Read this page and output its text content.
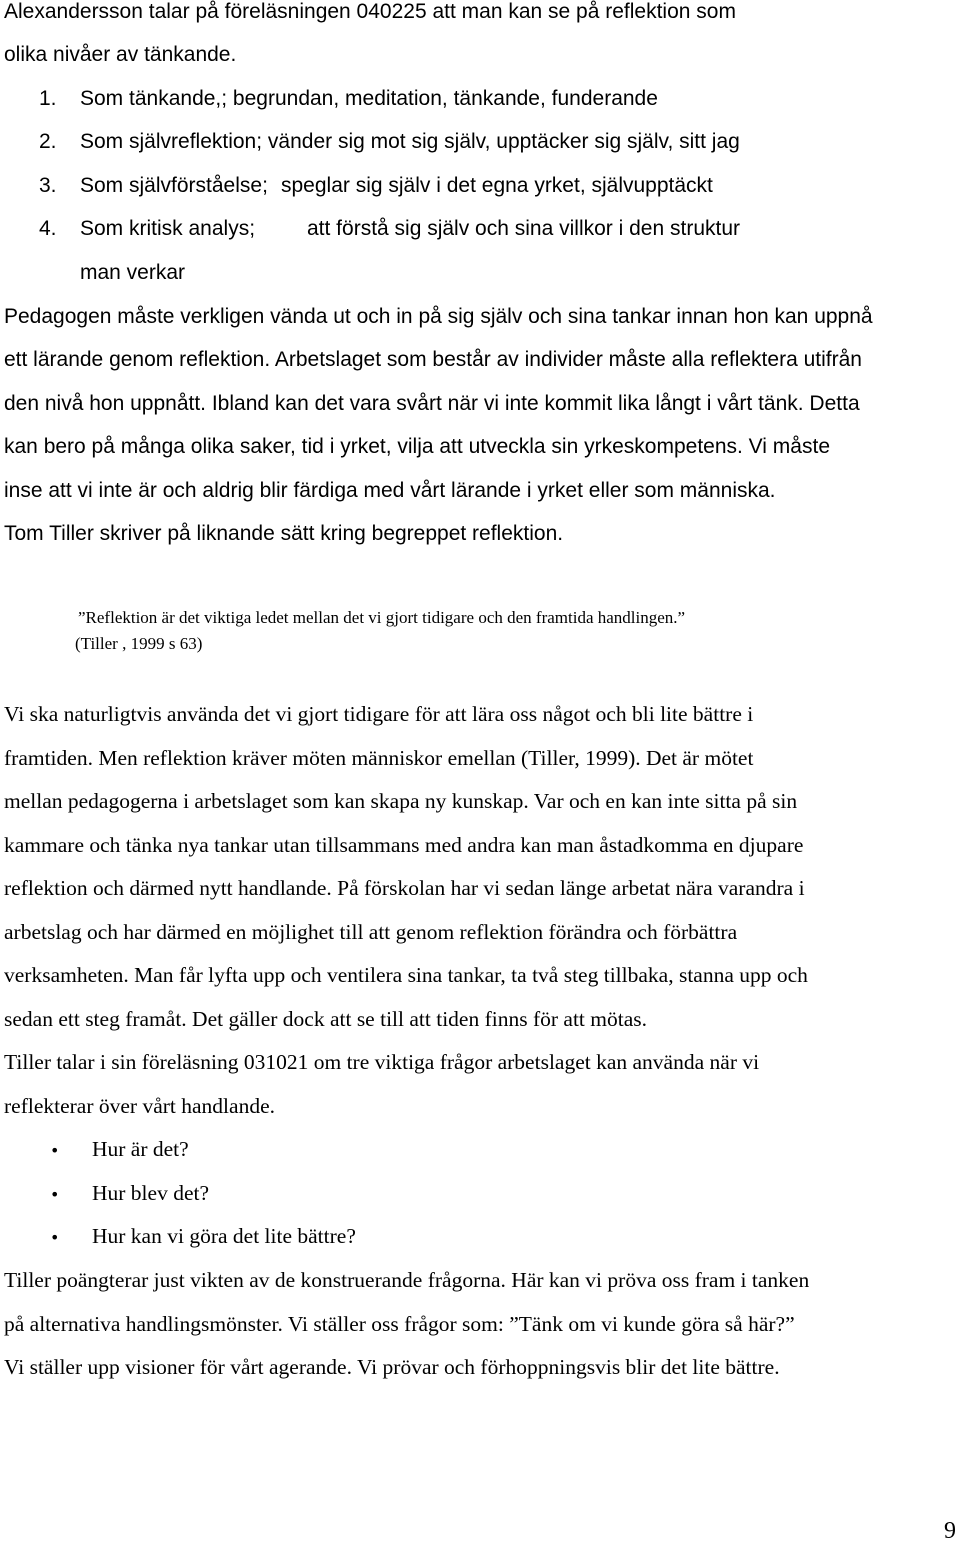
Alexandersson talar på föreläsningen 040225 att man kan se på reflektion som
olika nivåer av tänkande.
1. Som tänkande,; begrundan, meditation, tänkande, funderande
2. Som självreflektion; vänder sig mot sig själv, upptäcker sig själv, sitt jag
3. Som självförståelse; speglar sig själv i det egna yrket, självupptäckt
4. Som kritisk analys; att förstå sig själv och sina villkor i den struktur
man verkar
Pedagogen måste verkligen vända ut och in på sig själv och sina tankar innan hon kan uppnå
ett lärande genom reflektion. Arbetslaget som består av individer måste alla reflektera utifrån
den nivå hon uppnått. Ibland kan det vara svårt när vi inte kommit lika långt i vårt tänk. Detta
kan bero på många olika saker, tid i yrket, vilja att utveckla sin yrkeskompetens. Vi måste
inse att vi inte är och aldrig blir färdiga med vårt lärande i yrket eller som människa.
Tom Tiller skriver på liknande sätt kring begreppet reflektion.
”Reflektion är det viktiga ledet mellan det vi gjort tidigare och den framtida handlingen.”
(Tiller , 1999 s 63)
Vi ska naturligtvis använda det vi gjort tidigare för att lära oss något och bli lite bättre i
framtiden. Men reflektion kräver möten människor emellan (Tiller, 1999). Det är mötet
mellan pedagogerna i arbetslaget som kan skapa ny kunskap. Var och en kan inte sitta på sin
kammare och tänka nya tankar utan tillsammans med andra kan man åstadkomma en djupare
reflektion och därmed nytt handlande. På förskolan har vi sedan länge arbetat nära varandra i
arbetslag och har därmed en möjlighet till att genom reflektion förändra och förbättra
verksamheten. Man får lyfta upp och ventilera sina tankar, ta två steg tillbaka, stanna upp och
sedan ett steg framåt. Det gäller dock att se till att tiden finns för att mötas.
Tiller talar i sin föreläsning 031021 om tre viktiga frågor arbetslaget kan använda när vi
reflekterar över vårt handlande.
• Hur är det?
• Hur blev det?
• Hur kan vi göra det lite bättre?
Tiller poängterar just vikten av de konstruerande frågorna. Här kan vi pröva oss fram i tanken
på alternativa handlingsmönster. Vi ställer oss frågor som: ”Tänk om vi kunde göra så här?”
Vi ställer upp visioner för vårt agerande. Vi prövar och förhoppningsvis blir det lite bättre.
9
